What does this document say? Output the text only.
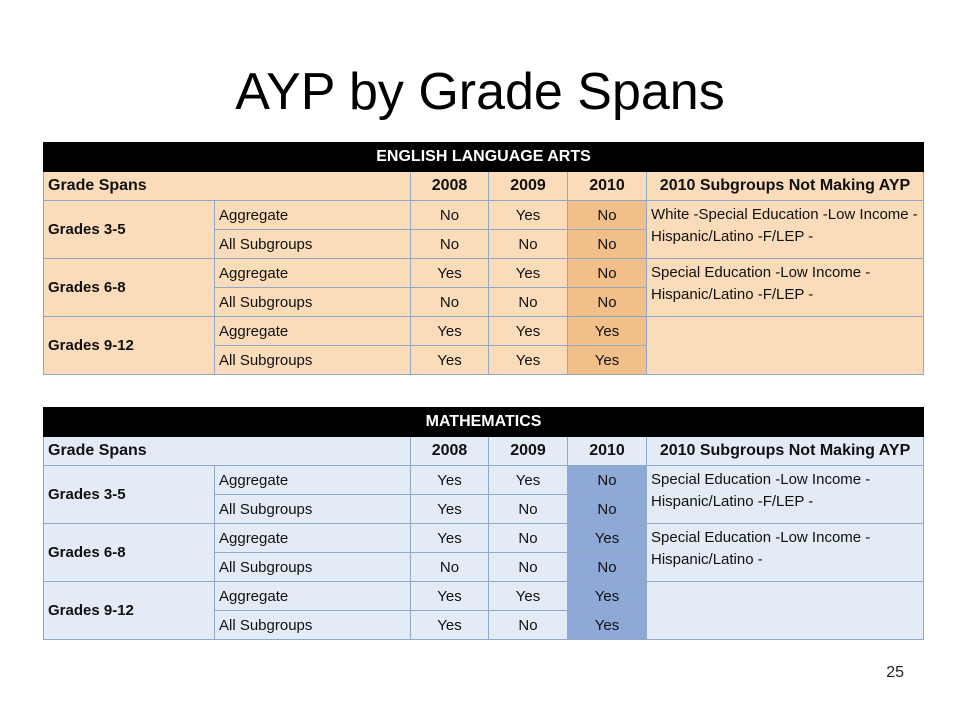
AYP by Grade Spans
ENGLISH LANGUAGE ARTS					
Grade Spans		2008	2009	2010	2010 Subgroups Not Making AYP
Grades 3-5	Aggregate	No	Yes	No	White -Special Education -Low Income - Hispanic/Latino -F/LEP -
	All Subgroups	No	No	No	
Grades 6-8	Aggregate	Yes	Yes	No	Special Education -Low Income - Hispanic/Latino -F/LEP -
	All Subgroups	No	No	No	
Grades 9-12	Aggregate	Yes	Yes	Yes	
	All Subgroups	Yes	Yes	Yes	
MATHEMATICS					
Grade Spans		2008	2009	2010	2010 Subgroups Not Making AYP
Grades 3-5	Aggregate	Yes	Yes	No	Special Education -Low Income - Hispanic/Latino -F/LEP -
	All Subgroups	Yes	No	No	
Grades 6-8	Aggregate	Yes	No	Yes	Special Education -Low Income - Hispanic/Latino -
	All Subgroups	No	No	No	
Grades 9-12	Aggregate	Yes	Yes	Yes	
	All Subgroups	Yes	No	Yes	
25
